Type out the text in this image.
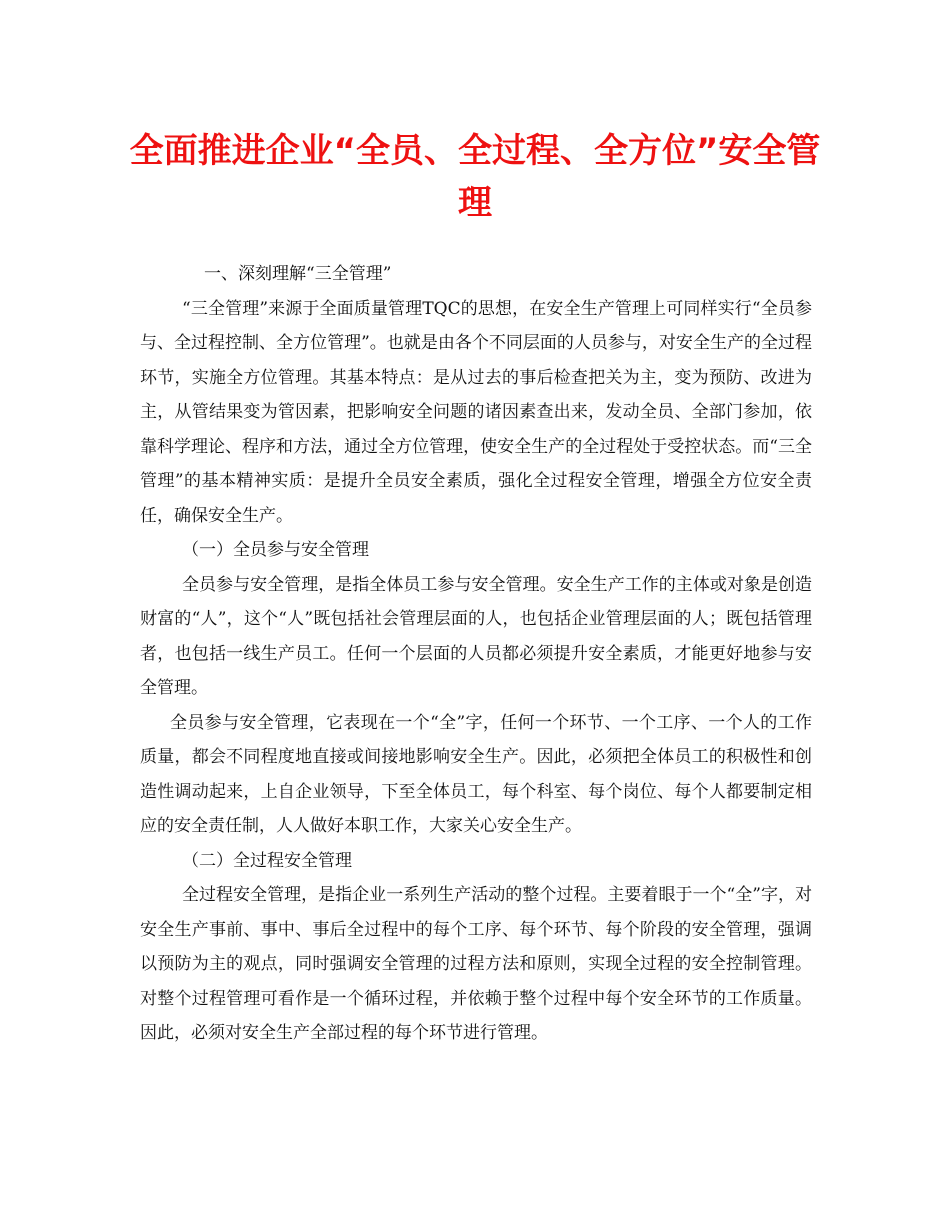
全面推进企业“全员、全过程、全方位”安全管理

一、深刻理解“三全管理”

“三全管理”来源于全面质量管理TQC的思想，在安全生产管理上可同样实行“全员参与、全过程控制、全方位管理”。也就是由各个不同层面的人员参与，对安全生产的全过程环节，实施全方位管理。其基本特点：是从过去的事后检查把关为主，变为预防、改进为主，从管结果变为管因素，把影响安全问题的诸因素查出来，发动全员、全部门参加，依靠科学理论、程序和方法，通过全方位管理，使安全生产的全过程处于受控状态。而“三全管理”的基本精神实质：是提升全员安全素质，强化全过程安全管理，增强全方位安全责任，确保安全生产。

（一）全员参与安全管理

全员参与安全管理，是指全体员工参与安全管理。安全生产工作的主体或对象是创造财富的“人”，这个“人”既包括社会管理层面的人，也包括企业管理层面的人；既包括管理者，也包括一线生产员工。任何一个层面的人员都必须提升安全素质，才能更好地参与安全管理。

全员参与安全管理，它表现在一个“全”字，任何一个环节、一个工序、一个人的工作质量，都会不同程度地直接或间接地影响安全生产。因此，必须把全体员工的积极性和创造性调动起来，上自企业领导，下至全体员工，每个科室、每个岗位、每个人都要制定相应的安全责任制，人人做好本职工作，大家关心安全生产。

（二）全过程安全管理

全过程安全管理，是指企业一系列生产活动的整个过程。主要着眼于一个“全”字，对安全生产事前、事中、事后全过程中的每个工序、每个环节、每个阶段的安全管理，强调以预防为主的观点，同时强调安全管理的过程方法和原则，实现全过程的安全控制管理。对整个过程管理可看作是一个循环过程，并依赖于整个过程中每个安全环节的工作质量。因此，必须对安全生产全部过程的每个环节进行管理。
